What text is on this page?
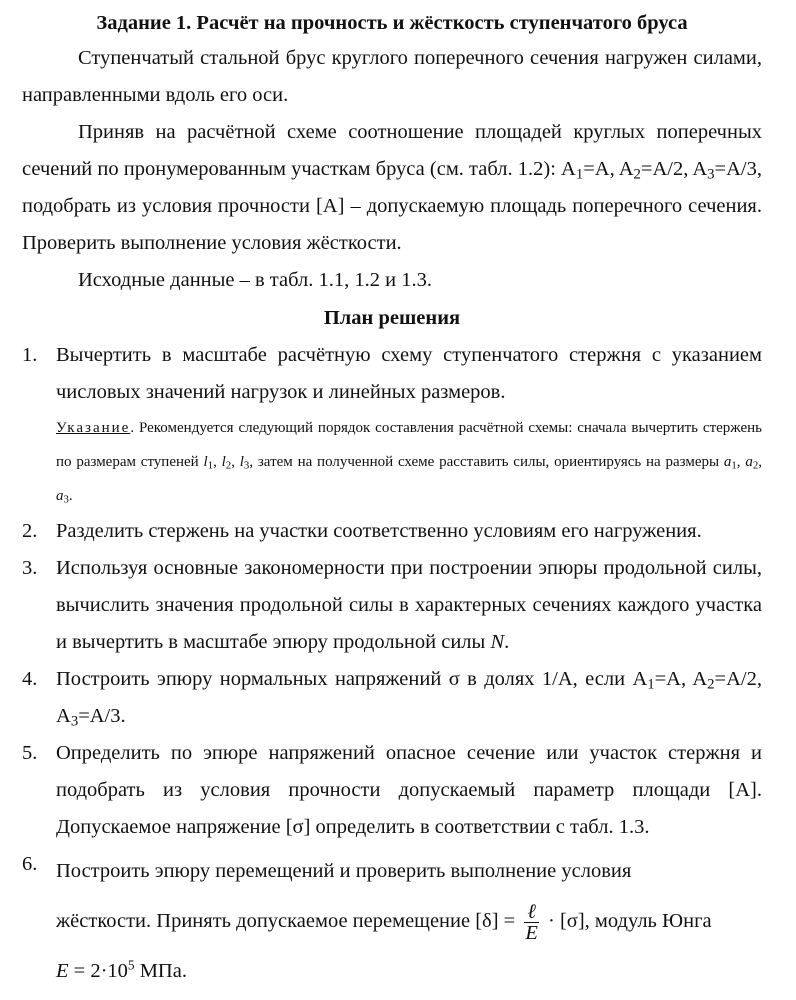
Задание 1. Расчёт на прочность и жёсткость ступенчатого бруса

Ступенчатый стальной брус круглого поперечного сечения нагружен силами, направленными вдоль его оси.

Приняв на расчётной схеме соотношение площадей круглых поперечных сечений по пронумерованным участкам бруса (см. табл. 1.2): $A_1=A$, $A_2=A/2$, $A_3=A/3$, подобрать из условия прочности [A] – допускаемую площадь поперечного сечения. Проверить выполнение условия жёсткости.

Исходные данные – в табл. 1.1, 1.2 и 1.3.

План решения
1. Вычертить в масштабе расчётную схему ступенчатого стержня с указанием числовых значений нагрузок и линейных размеров.
Указание. Рекомендуется следующий порядок составления расчётной схемы: сначала вычертить стержень по размерам ступеней $l_1$, $l_2$, $l_3$, затем на полученной схеме расставить силы, ориентируясь на размеры $a_1$, $a_2$, $a_3$.
2. Разделить стержень на участки соответственно условиям его нагружения.
3. Используя основные закономерности при построении эпюры продольной силы, вычислить значения продольной силы в характерных сечениях каждого участка и вычертить в масштабе эпюру продольной силы N.
4. Построить эпюру нормальных напряжений σ в долях 1/A, если $A_1=A$, $A_2=A/2$, $A_3=A/3$.
5. Определить по эпюре напряжений опасное сечение или участок стержня и подобрать из условия прочности допускаемый параметр площади [A]. Допускаемое напряжение [σ] определить в соответствии с табл. 1.3.
6. Построить эпюру перемещений и проверить выполнение условия
жёсткости. Принять допускаемое перемещение $[\delta] = \frac{\text{ℓ}}{E} \cdot [\sigma]$, модуль Юнга
$E = 2\cdot 10^5$ МПа.
